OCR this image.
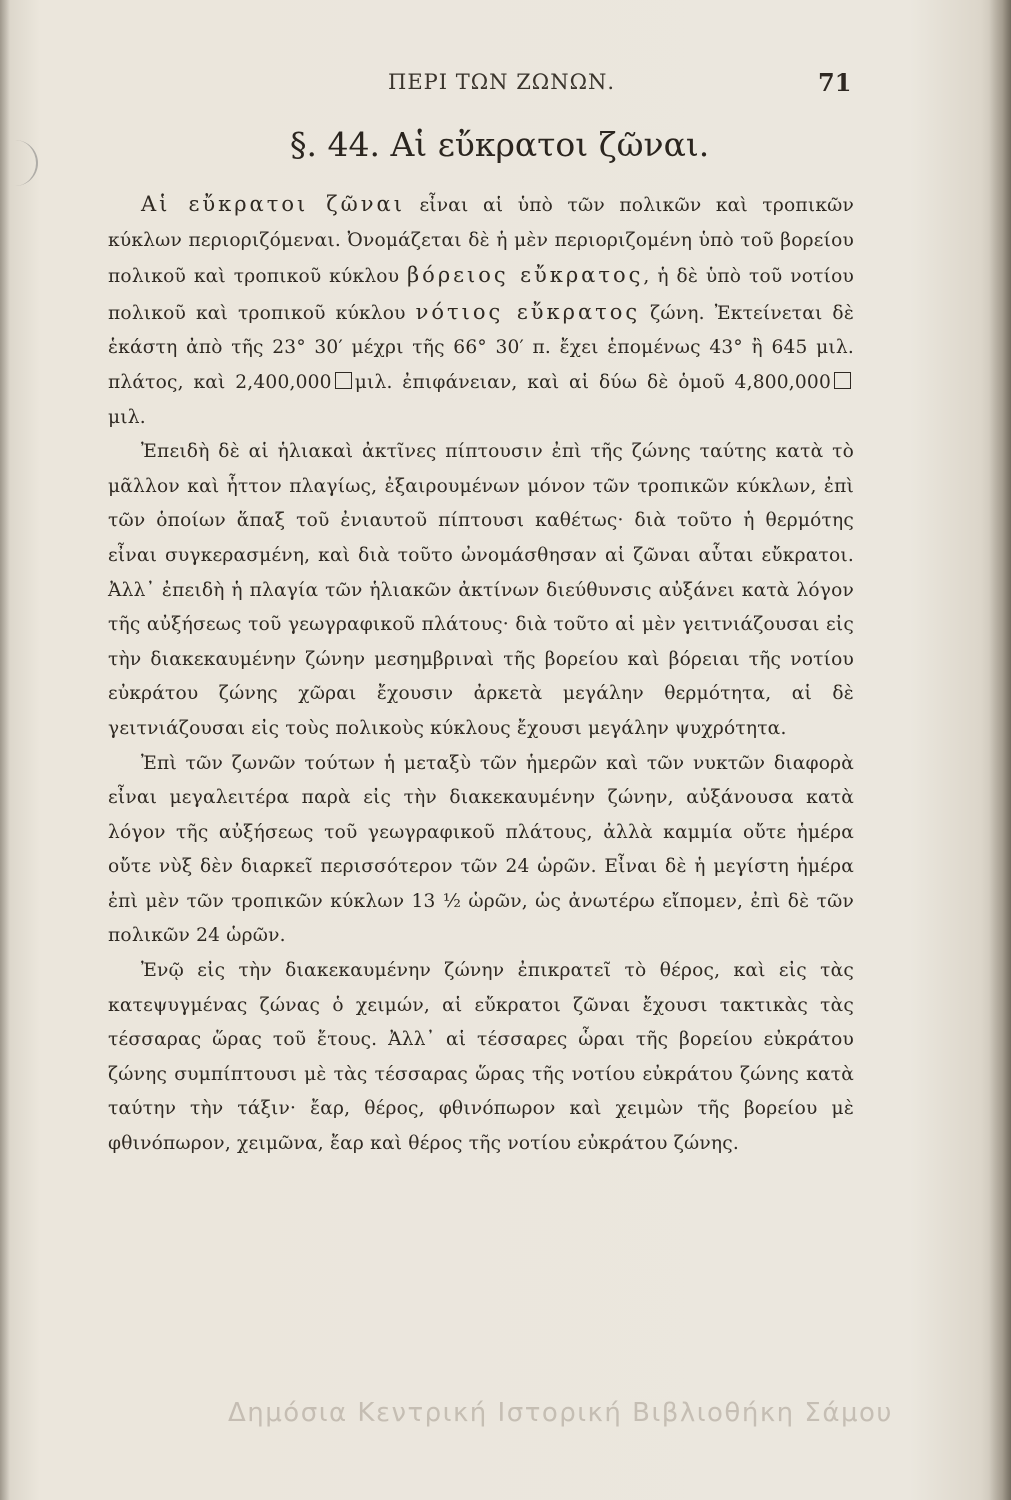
ΠΕΡΙ ΤΩΝ ΖΩΝΩΝ.	71
§. 44. Αἱ εὔκρατοι ζῶναι.

Αἱ εὔκρατοι ζῶναι εἶναι αἱ ὑπὸ τῶν πολικῶν καὶ τροπικῶν κύκλων περιοριζόμεναι. Ὀνομάζεται δὲ ἡ μὲν περιοριζομένη ὑπὸ τοῦ βορείου πολικοῦ καὶ τροπικοῦ κύκλου βόρειος εὔκρατος, ἡ δὲ ὑπὸ τοῦ νοτίου πολικοῦ καὶ τροπικοῦ κύκλου νότιος εὔκρατος ζώνη. Ἐκτείνεται δὲ ἑκάστη ἀπὸ τῆς 23° 30′ μέχρι τῆς 66° 30′ π. ἔχει ἑπομένως 43° ἢ 645 μιλ. πλάτος, καὶ 2,400,000 μιλ. ἐπιφάνειαν, καὶ αἱ δύω δὲ ὁμοῦ 4,800,000μιλ.

Ἐπειδὴ δὲ αἱ ἡλιακαὶ ἀκτῖνες πίπτουσιν ἐπὶ τῆς ζώνης ταύτης κατὰ τὸ μᾶλλον καὶ ἧττον πλαγίως, ἐξαιρουμένων μόνον τῶν τροπικῶν κύκλων, ἐπὶ τῶν ὁποίων ἅπαξ τοῦ ἐνιαυτοῦ πίπτουσι καθέτως· διὰ τοῦτο ἡ θερμότης εἶναι συγκερασμένη, καὶ διὰ τοῦτο ὠνομάσθησαν αἱ ζῶναι αὗται εὔκρατοι. Ἀλλ᾽ ἐπειδὴ ἡ πλαγία τῶν ἡλιακῶν ἀκτίνων διεύθυνσις αὐξάνει κατὰ λόγον τῆς αὐξήσεως τοῦ γεωγραφικοῦ πλάτους· διὰ τοῦτο αἱ μὲν γειτνιάζουσαι εἰς τὴν διακεκαυμένην ζώνην μεσημβριναὶ τῆς βορείου καὶ βόρειαι τῆς νοτίου εὐκράτου ζώνης χῶραι ἔχουσιν ἀρκετὰ μεγάλην θερμότητα, αἱ δὲ γειτνιάζουσαι εἰς τοὺς πολικοὺς κύκλους ἔχουσι μεγάλην ψυχρότητα.

Ἐπὶ τῶν ζωνῶν τούτων ἡ μεταξὺ τῶν ἡμερῶν καὶ τῶν νυκτῶν διαφορὰ εἶναι μεγαλειτέρα παρὰ εἰς τὴν διακεκαυμένην ζώνην, αὐξάνουσα κατὰ λόγον τῆς αὐξήσεως τοῦ γεωγραφικοῦ πλάτους, ἀλλὰ καμμία οὔτε ἡμέρα οὔτε νὺξ δὲν διαρκεῖ περισσότερον τῶν 24 ὡρῶν. Εἶναι δὲ ἡ μεγίστη ἡμέρα ἐπὶ μὲν τῶν τροπικῶν κύκλων 13 ½ ὡρῶν, ὡς ἀνωτέρω εἴπομεν, ἐπὶ δὲ τῶν πολικῶν 24 ὡρῶν.

Ἐνῷ εἰς τὴν διακεκαυμένην ζώνην ἐπικρατεῖ τὸ θέρος, καὶ εἰς τὰς κατεψυγμένας ζώνας ὁ χειμών, αἱ εὔκρατοι ζῶναι ἔχουσι τακτικὰς τὰς τέσσαρας ὥρας τοῦ ἔτους. Ἀλλ᾽ αἱ τέσσαρες ὧραι τῆς βορείου εὐκράτου ζώνης συμπίπτουσι μὲ τὰς τέσσαρας ὥρας τῆς νοτίου εὐκράτου ζώνης κατὰ ταύτην τὴν τάξιν· ἔαρ, θέρος, φθινόπωρον καὶ χειμὼν τῆς βορείου μὲ φθινόπωρον, χειμῶνα, ἔαρ καὶ θέρος τῆς νοτίου εὐκράτου ζώνης.

Δημόσια Κεντρική Ιστορική Βιβλιοθήκη Σάμου
